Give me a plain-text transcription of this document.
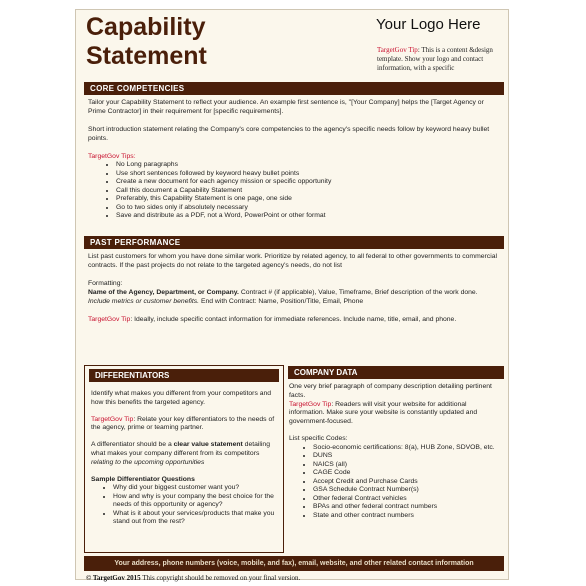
Capability
Statement
Your Logo Here
TargetGov Tip: This is a content &design template. Show your logo and contact information, with a specific
CORE COMPETENCIES

Tailor your Capability Statement to reflect your audience. An example first sentence is, "[Your Company] helps the [Target Agency or Prime Contractor] in their requirement for [specific requirements].

Short introduction statement relating the Company's core competencies to the agency's specific needs follow by keyword heavy bullet points.

TargetGov Tips:

• No Long paragraphs
• Use short sentences followed by keyword heavy bullet points
• Create a new document for each agency mission or specific opportunity
• Call this document a Capability Statement
• Preferably, this Capability Statement is one page, one side
• Go to two sides only if absolutely necessary
• Save and distribute as a PDF, not a Word, PowerPoint or other format
PAST PERFORMANCE

List past customers for whom you have done similar work. Prioritize by related agency, to all federal to other governments to commercial contracts. If the past projects do not relate to the targeted agency's needs, do not list

Formatting:

Name of the Agency, Department, or Company. Contract # (if applicable), Value, Timeframe, Brief description of the work done. Include metrics or customer benefits. End with Contract: Name, Position/Title, Email, Phone

TargetGov Tip: Ideally, include specific contact information for immediate references. Include name, title, email, and phone.

DIFFERENTIATORS

Identify what makes you different from your competitors and how this benefits the targeted agency.

TargetGov Tip: Relate your key differentiators to the needs of the agency, prime or teaming partner.

A differentiator should be a clear value statement detailing what makes your company different from its competitors relating to the upcoming opportunities

Sample Differentiator Questions

• Why did your biggest customer want you?
• How and why is your company the best choice for the needs of this opportunity or agency?
• What is it about your services/products that make you stand out from the rest?
COMPANY DATA

One very brief paragraph of company description detailing pertinent facts.

TargetGov Tip: Readers will visit your website for additional information. Make sure your website is constantly updated and government-focused.

List specific Codes:

• Socio-economic certifications: 8(a), HUB Zone, SDVOB, etc.
• DUNS
• NAICS (all)
• CAGE Code
• Accept Credit and Purchase Cards
• GSA Schedule Contract Number(s)
• Other federal Contract vehicles
• BPAs and other federal contract numbers
• State and other contract numbers
Your address, phone numbers (voice, mobile, and fax), email, website, and other related contact information
© TargetGov 2015 This copyright should be removed on your final version.
